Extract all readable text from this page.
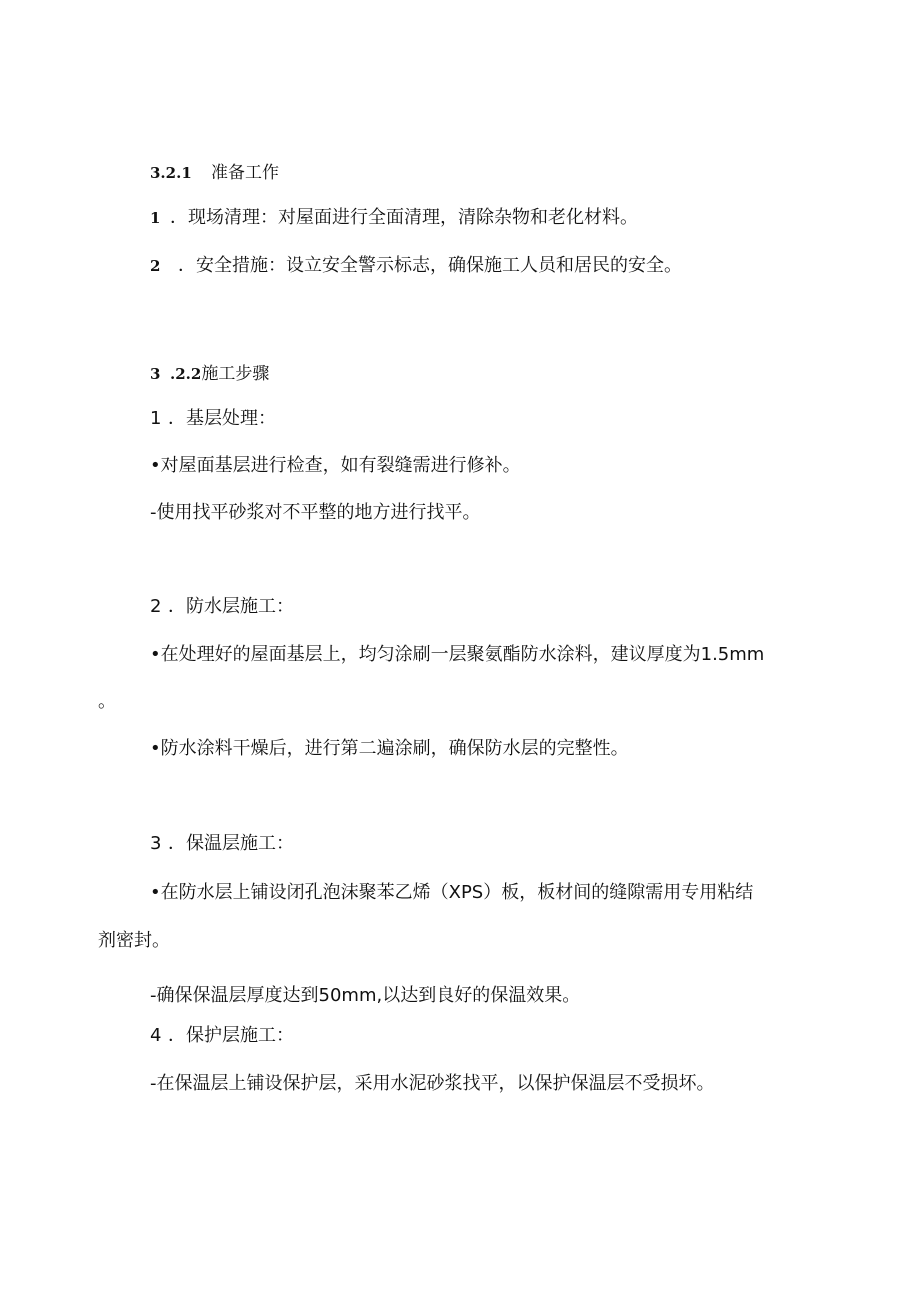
3.2.1 准备工作
1 ．现场清理：对屋面进行全面清理，清除杂物和老化材料。
2 ．安全措施：设立安全警示标志，确保施工人员和居民的安全。
3 .2.2施工步骤
1 ．基层处理：
•对屋面基层进行检查，如有裂缝需进行修补。
-使用找平砂浆对不平整的地方进行找平。
2 ．防水层施工：
•在处理好的屋面基层上，均匀涂刷一层聚氨酯防水涂料，建议厚度为1.5mm
。
•防水涂料干燥后，进行第二遍涂刷，确保防水层的完整性。
3 ．保温层施工：
•在防水层上铺设闭孔泡沫聚苯乙烯（XPS）板，板材间的缝隙需用专用粘结
剂密封。
-确保保温层厚度达到50mm,以达到良好的保温效果。
4 ．保护层施工：
-在保温层上铺设保护层，采用水泥砂浆找平，以保护保温层不受损坏。
